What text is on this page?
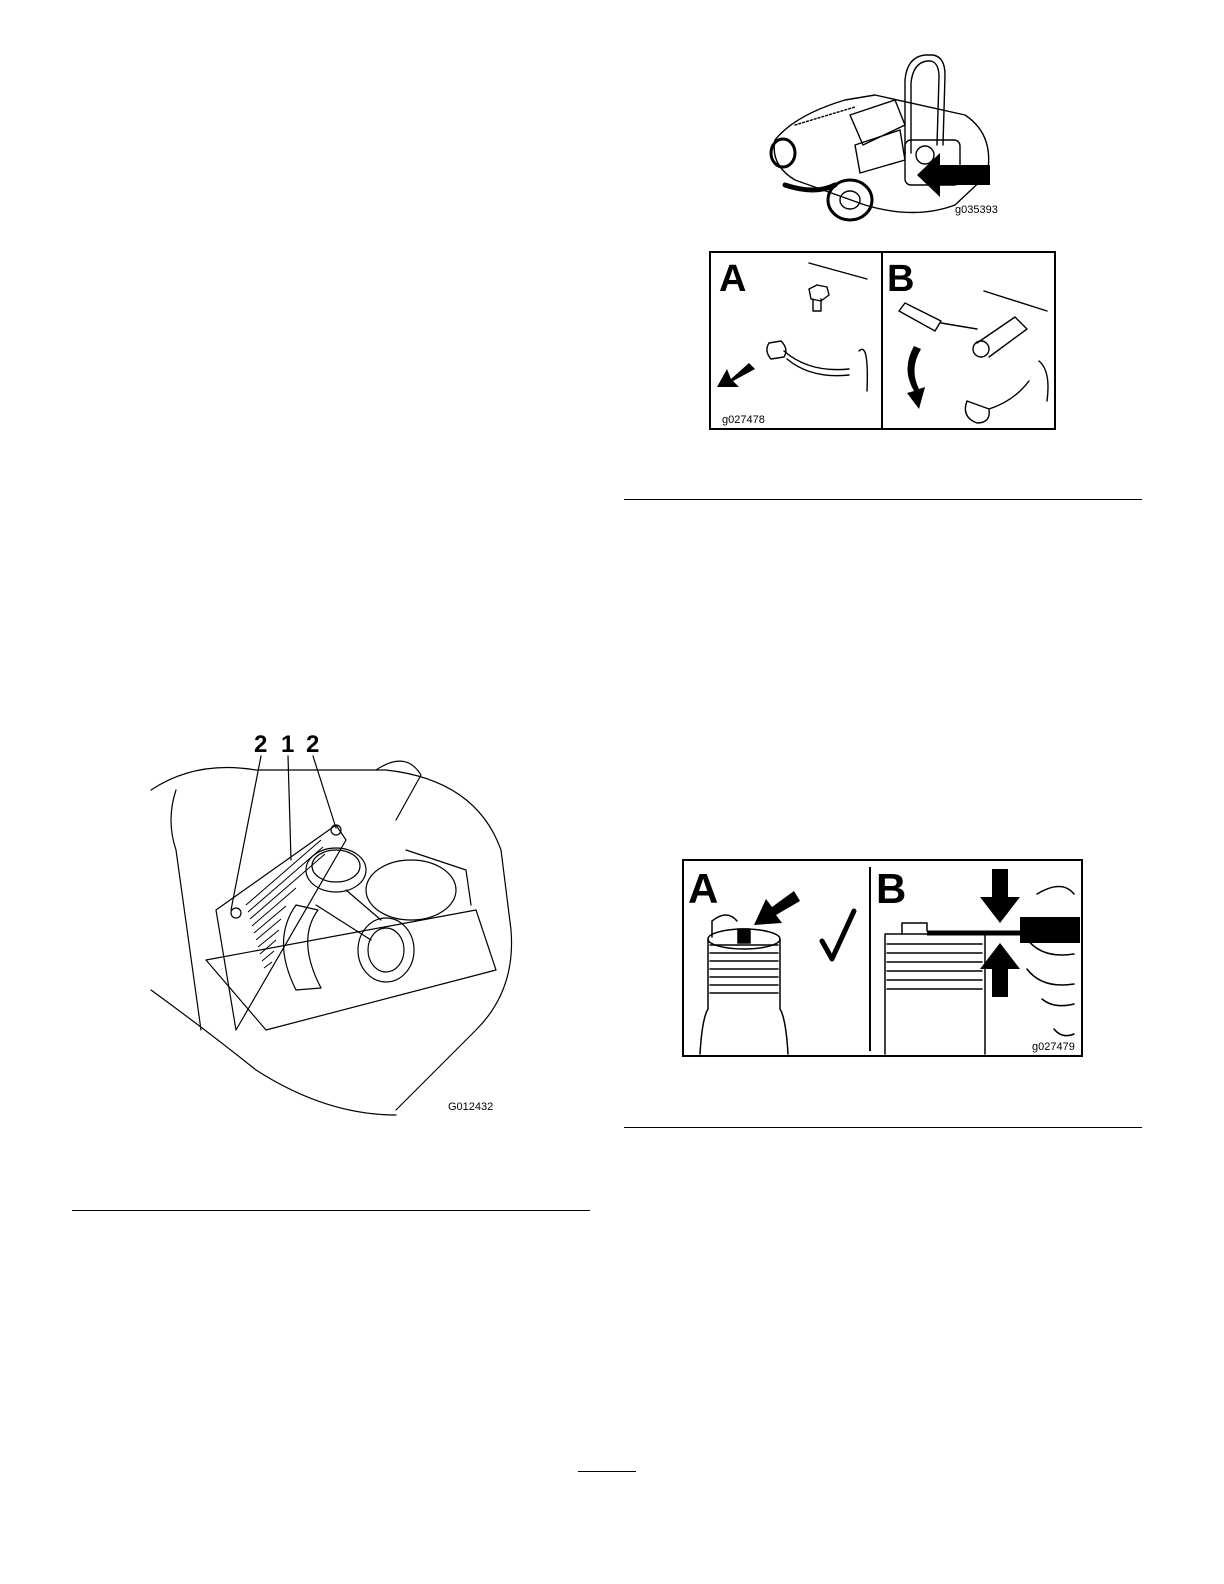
g035393
A	B
g027478
2 1 2
G012432
A	B
g027479
